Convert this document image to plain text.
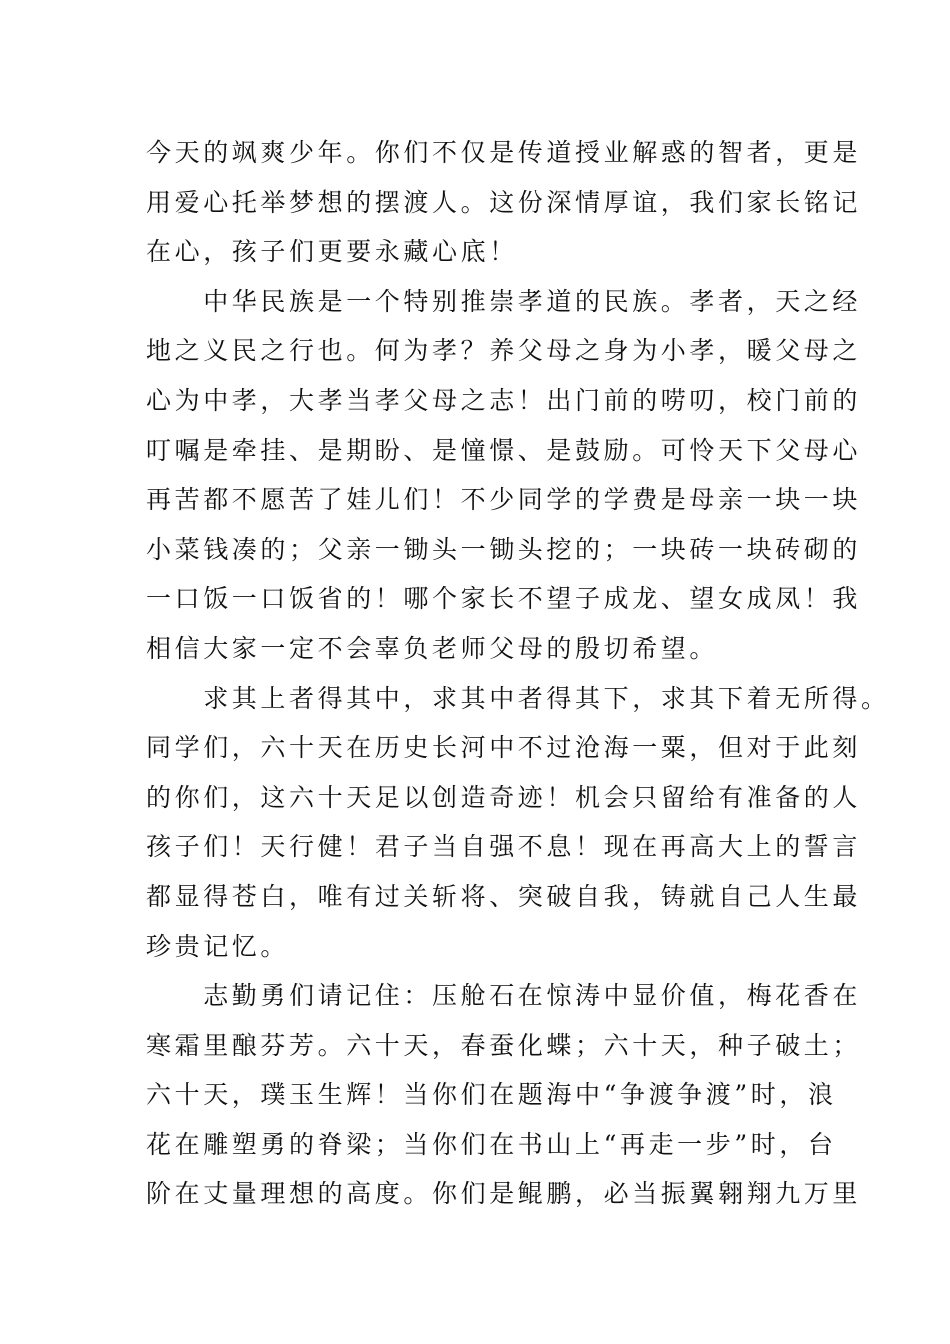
今天的飒爽少年。你们不仅是传道授业解惑的智者，更是
用爱心托举梦想的摆渡人。这份深情厚谊，我们家长铭记
在心，孩子们更要永藏心底！
　　中华民族是一个特别推崇孝道的民族。孝者，天之经
地之义民之行也。何为孝？养父母之身为小孝，暖父母之
心为中孝，大孝当孝父母之志！出门前的唠叨，校门前的
叮嘱是牵挂、是期盼、是憧憬、是鼓励。可怜天下父母心
再苦都不愿苦了娃儿们！不少同学的学费是母亲一块一块
小菜钱凑的；父亲一锄头一锄头挖的；一块砖一块砖砌的
一口饭一口饭省的！哪个家长不望子成龙、望女成凤！我
相信大家一定不会辜负老师父母的殷切希望。
　　求其上者得其中，求其中者得其下，求其下着无所得。
同学们，六十天在历史长河中不过沧海一粟，但对于此刻
的你们，这六十天足以创造奇迹！机会只留给有准备的人
孩子们！天行健！君子当自强不息！现在再高大上的誓言
都显得苍白，唯有过关斩将、突破自我，铸就自己人生最
珍贵记忆。
　　志勤勇们请记住：压舱石在惊涛中显价值，梅花香在
寒霜里酿芬芳。六十天，春蚕化蝶；六十天，种子破土；
六十天，璞玉生辉！当你们在题海中“争渡争渡”时，浪
花在雕塑勇的脊梁；当你们在书山上“再走一步”时，台
阶在丈量理想的高度。你们是鲲鹏，必当振翼翱翔九万里
